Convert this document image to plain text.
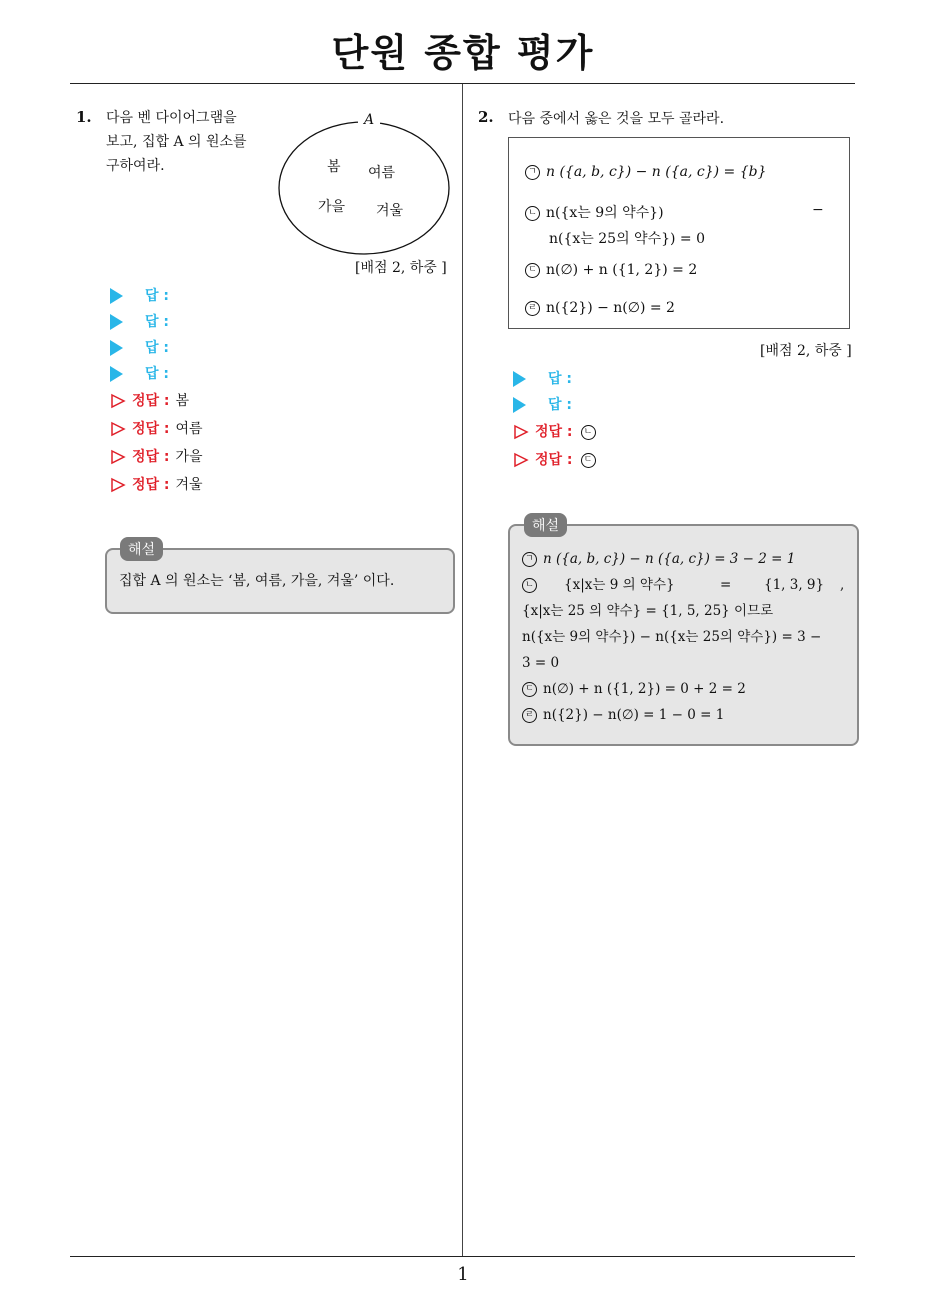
단원 종합 평가
1. 다음 벤 다이어그램을
보고, 집합 A 의 원소를
구하여라.
A
봄 여름
가을 겨울
[배점 2, 하중 ]
답 :
답 :
답 :
답 :
정답 : 봄
정답 : 여름
정답 : 가을
정답 : 겨울
집합 A 의 원소는 ‘봄, 여름, 가을, 겨울’ 이다.
해설
2. 다음 중에서 옳은 것을 모두 골라라.
ㄱ n ({a, b, c}) − n ({a, c}) = {b}
ㄴ n({x는 9의 약수})	−
n({x는 25의 약수}) = 0
ㄷ n(∅) + n ({1, 2}) = 2
ㄹ n({2}) − n(∅) = 2
[배점 2, 하중 ]
답 :
답 :
정답 : ㄴ
정답 : ㄷ
ㄱ n ({a, b, c}) − n ({a, c}) = 3 − 2 = 1
ㄴ {x|x는 9 의 약수}	= {1, 3, 9} ,
{x|x는 25 의 약수} = {1, 5, 25} 이므로
n({x는 9의 약수}) − n({x는 25의 약수}) = 3 −
3 = 0
ㄷ n(∅) + n ({1, 2}) = 0 + 2 = 2
ㄹ n({2}) − n(∅) = 1 − 0 = 1
해설
1
